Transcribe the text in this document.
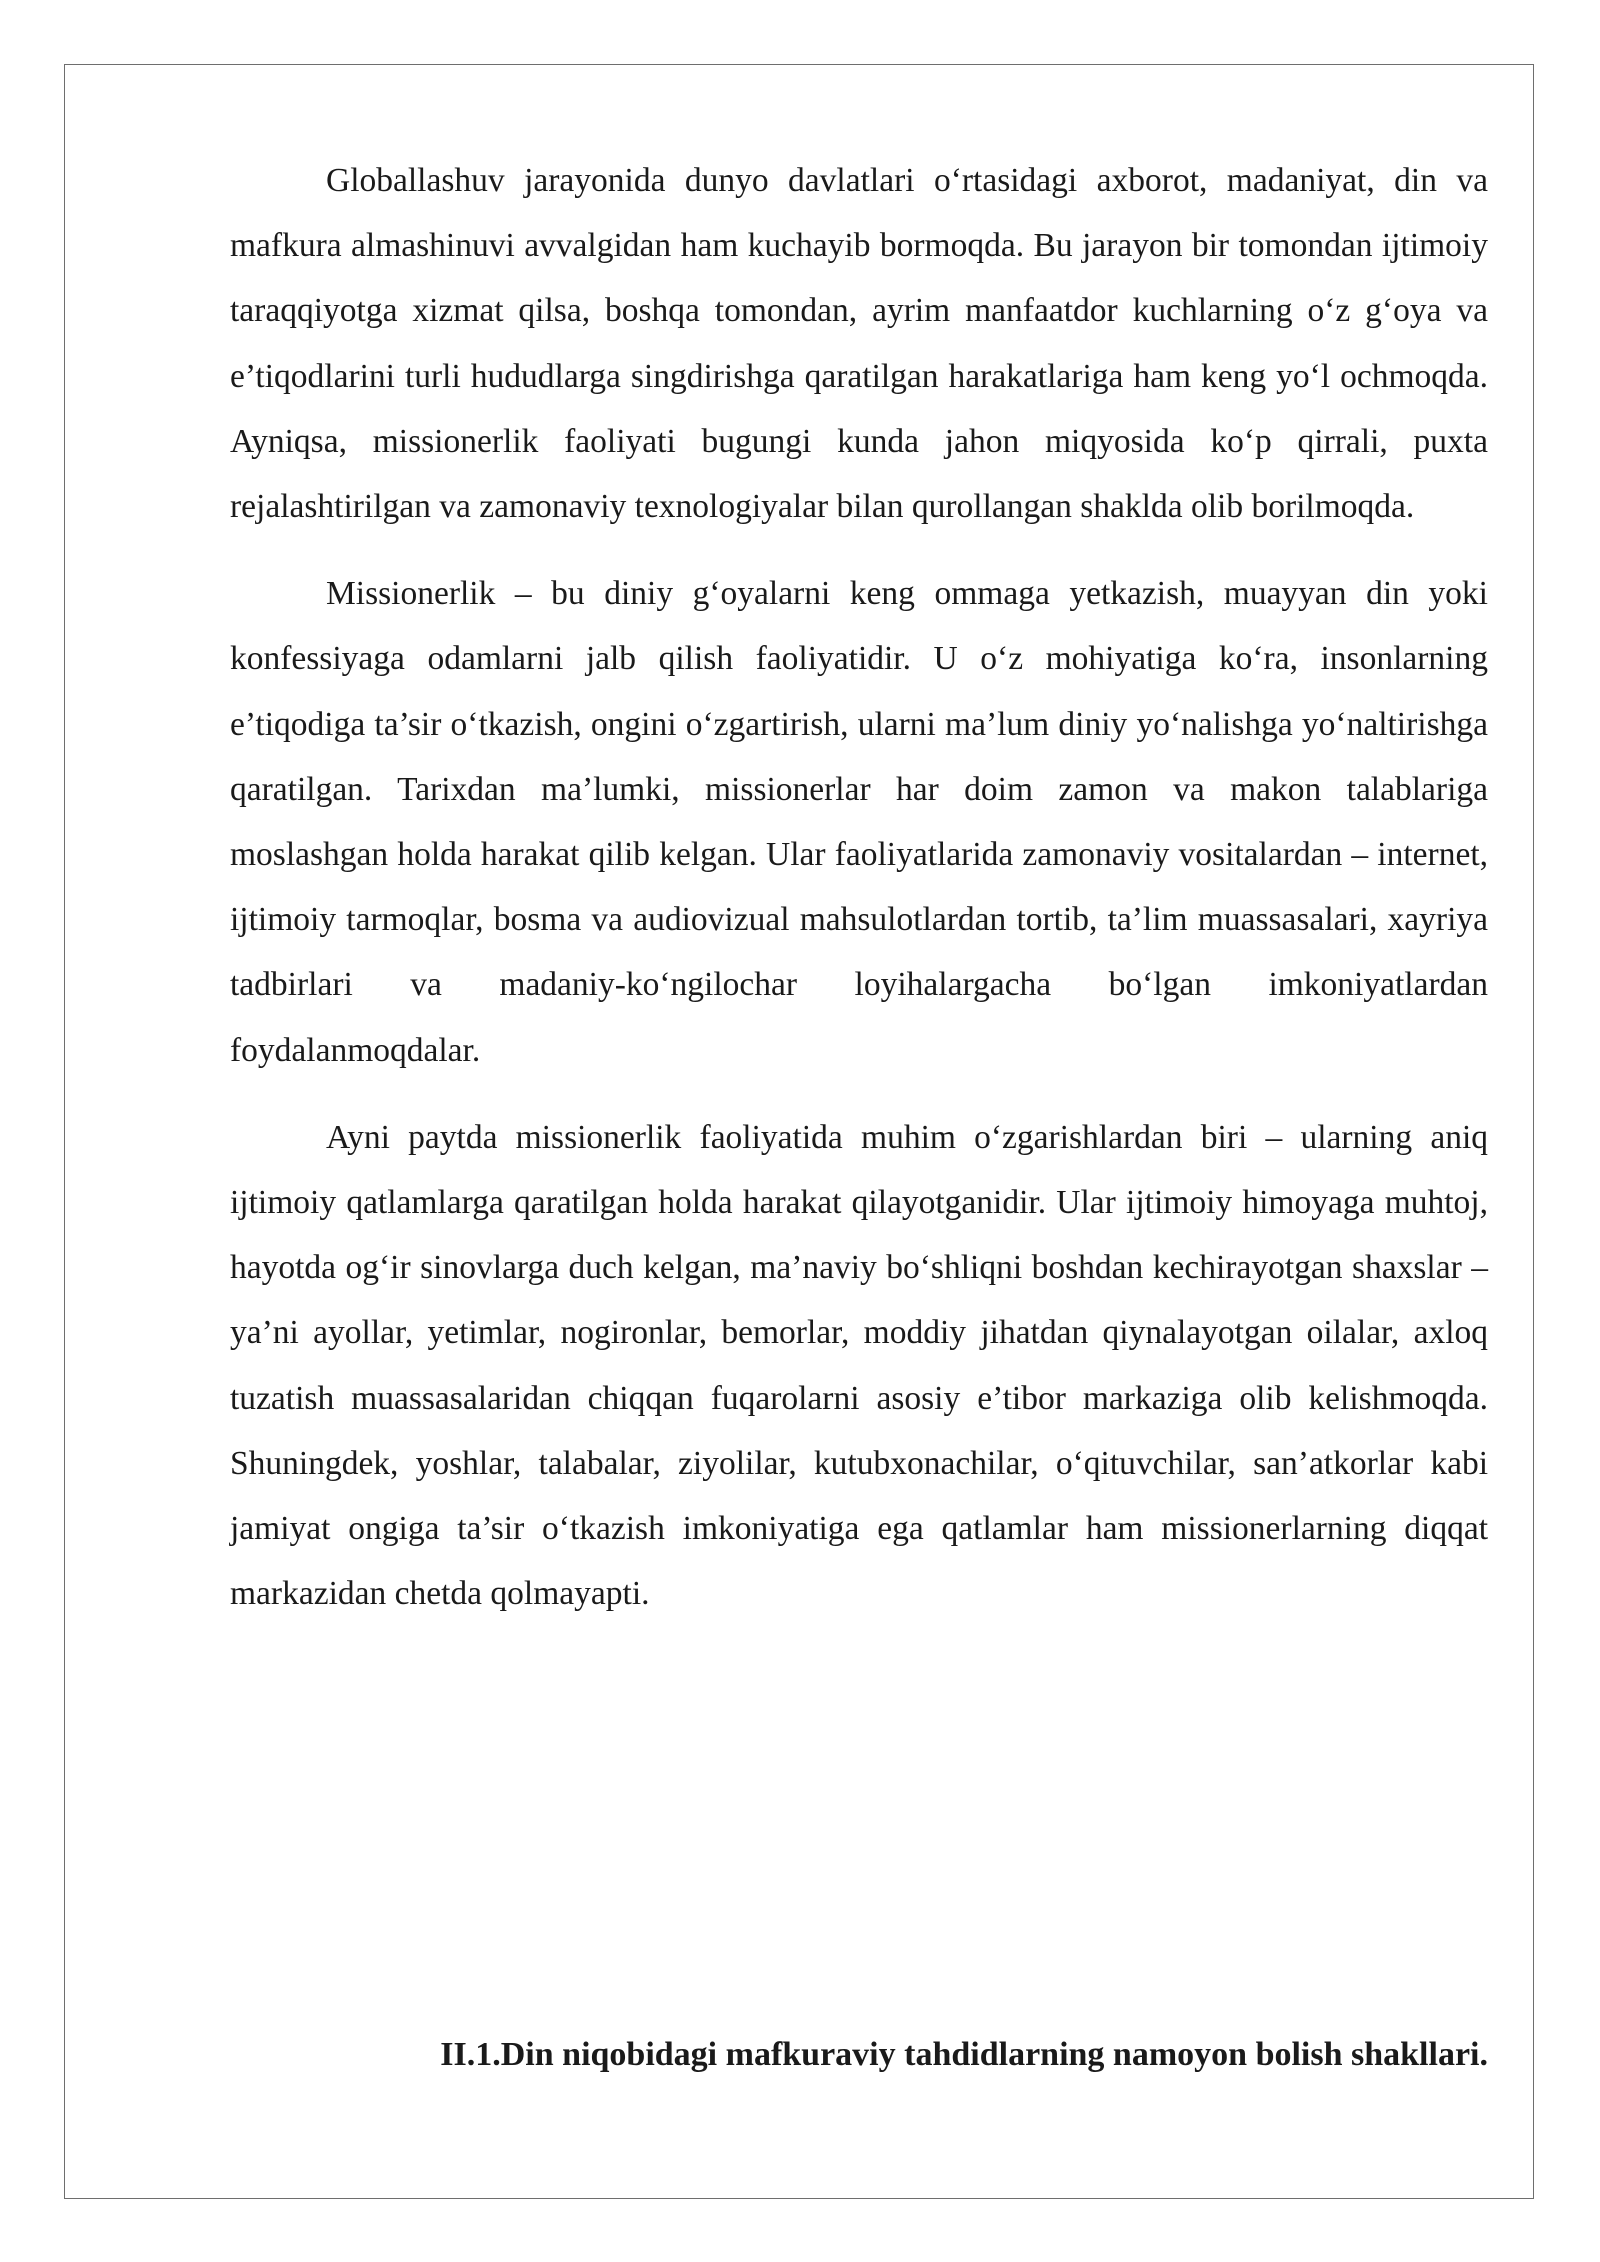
Globallashuv jarayonida dunyo davlatlari o‘rtasidagi axborot, madaniyat, din va mafkura almashinuvi avvalgidan ham kuchayib bormoqda. Bu jarayon bir tomondan ijtimoiy taraqqiyotga xizmat qilsa, boshqa tomondan, ayrim manfaatdor kuchlarning o‘z g‘oya va e’tiqodlarini turli hududlarga singdirishga qaratilgan harakatlariga ham keng yo‘l ochmoqda. Ayniqsa, missionerlik faoliyati bugungi kunda jahon miqyosida ko‘p qirrali, puxta rejalashtirilgan va zamonaviy texnologiyalar bilan qurollangan shaklda olib borilmoqda.

Missionerlik – bu diniy g‘oyalarni keng ommaga yetkazish, muayyan din yoki konfessiyaga odamlarni jalb qilish faoliyatidir. U o‘z mohiyatiga ko‘ra, insonlarning e’tiqodiga ta’sir o‘tkazish, ongini o‘zgartirish, ularni ma’lum diniy yo‘nalishga yo‘naltirishga qaratilgan. Tarixdan ma’lumki, missionerlar har doim zamon va makon talablariga moslashgan holda harakat qilib kelgan. Ular faoliyatlarida zamonaviy vositalardan – internet, ijtimoiy tarmoqlar, bosma va audiovizual mahsulotlardan tortib, ta’lim muassasalari, xayriya tadbirlari va madaniy-ko‘ngilochar loyihalargacha bo‘lgan imkoniyatlardan foydalanmoqdalar.

Ayni paytda missionerlik faoliyatida muhim o‘zgarishlardan biri – ularning aniq ijtimoiy qatlamlarga qaratilgan holda harakat qilayotganidir. Ular ijtimoiy himoyaga muhtoj, hayotda og‘ir sinovlarga duch kelgan, ma’naviy bo‘shliqni boshdan kechirayotgan shaxslar – ya’ni ayollar, yetimlar, nogironlar, bemorlar, moddiy jihatdan qiynalayotgan oilalar, axloq tuzatish muassasalaridan chiqqan fuqarolarni asosiy e’tibor markaziga olib kelishmoqda. Shuningdek, yoshlar, talabalar, ziyolilar, kutubxonachilar, o‘qituvchilar, san’atkorlar kabi jamiyat ongiga ta’sir o‘tkazish imkoniyatiga ega qatlamlar ham missionerlarning diqqat markazidan chetda qolmayapti.

II.1.Din niqobidagi mafkuraviy tahdidlarning namoyon bolish shakllari.
